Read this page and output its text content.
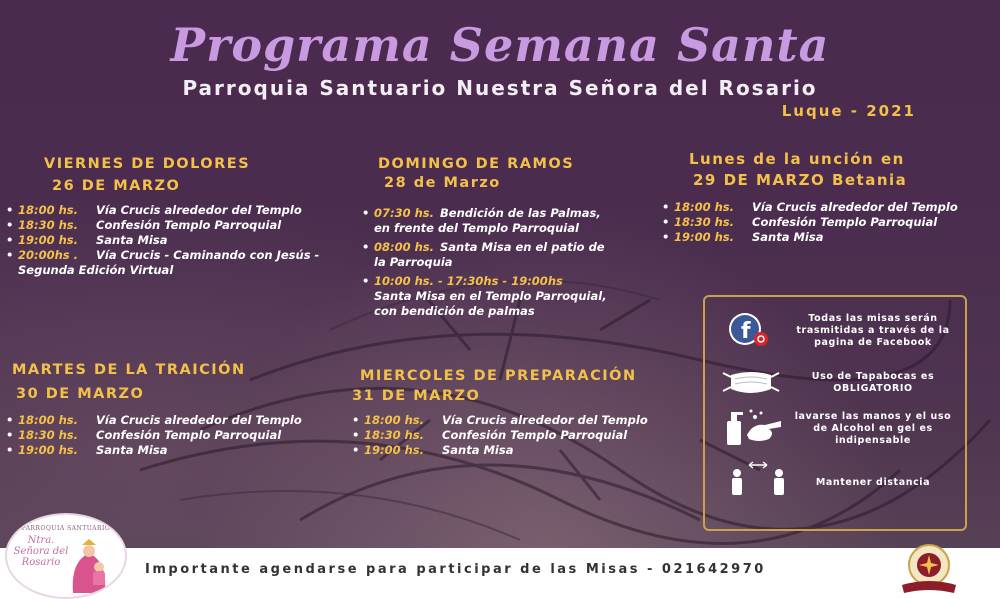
Programa Semana Santa
Parroquia Santuario Nuestra Señora del Rosario
Luque - 2021
VIERNES DE DOLORES
26 DE MARZO
• 18:00 hs. Vía Crucis alrededor del Templo
• 18:30 hs. Confesión Templo Parroquial
• 19:00 hs. Santa Misa
• 20:00hs . Vía Crucis - Caminando con Jesús - Segunda Edición Virtual
DOMINGO DE RAMOS
28 de Marzo
• 07:30 hs. Bendición de las Palmas, en frente del Templo Parroquial
• 08:00 hs. Santa Misa en el patio de la Parroquia
• 10:00 hs. - 17:30hs - 19:00hs
Santa Misa en el Templo Parroquial, con bendición de palmas
Lunes de la unción en
29 DE MARZO Betania
• 18:00 hs. Vía Crucis alrededor del Templo
• 18:30 hs. Confesión Templo Parroquial
• 19:00 hs. Santa Misa
MARTES DE LA TRAICIÓN
30 DE MARZO
• 18:00 hs. Vía Crucis alrededor del Templo
• 18:30 hs. Confesión Templo Parroquial
• 19:00 hs. Santa Misa
MIERCOLES DE PREPARACIÓN
31 DE MARZO
• 18:00 hs. Vía Crucis alrededor del Templo
• 18:30 hs. Confesión Templo Parroquial
• 19:00 hs. Santa Misa
f
Todas las misas serán trasmitidas a través de la pagina de Facebook
Uso de Tapabocas es OBLIGATORIO
lavarse las manos y el uso de Alcohol en gel es indipensable
Mantener distancia
Importante agendarse para participar de las Misas - 021642970
PARROQUIA SANTUARIO
Ntra. Señora del Rosario
